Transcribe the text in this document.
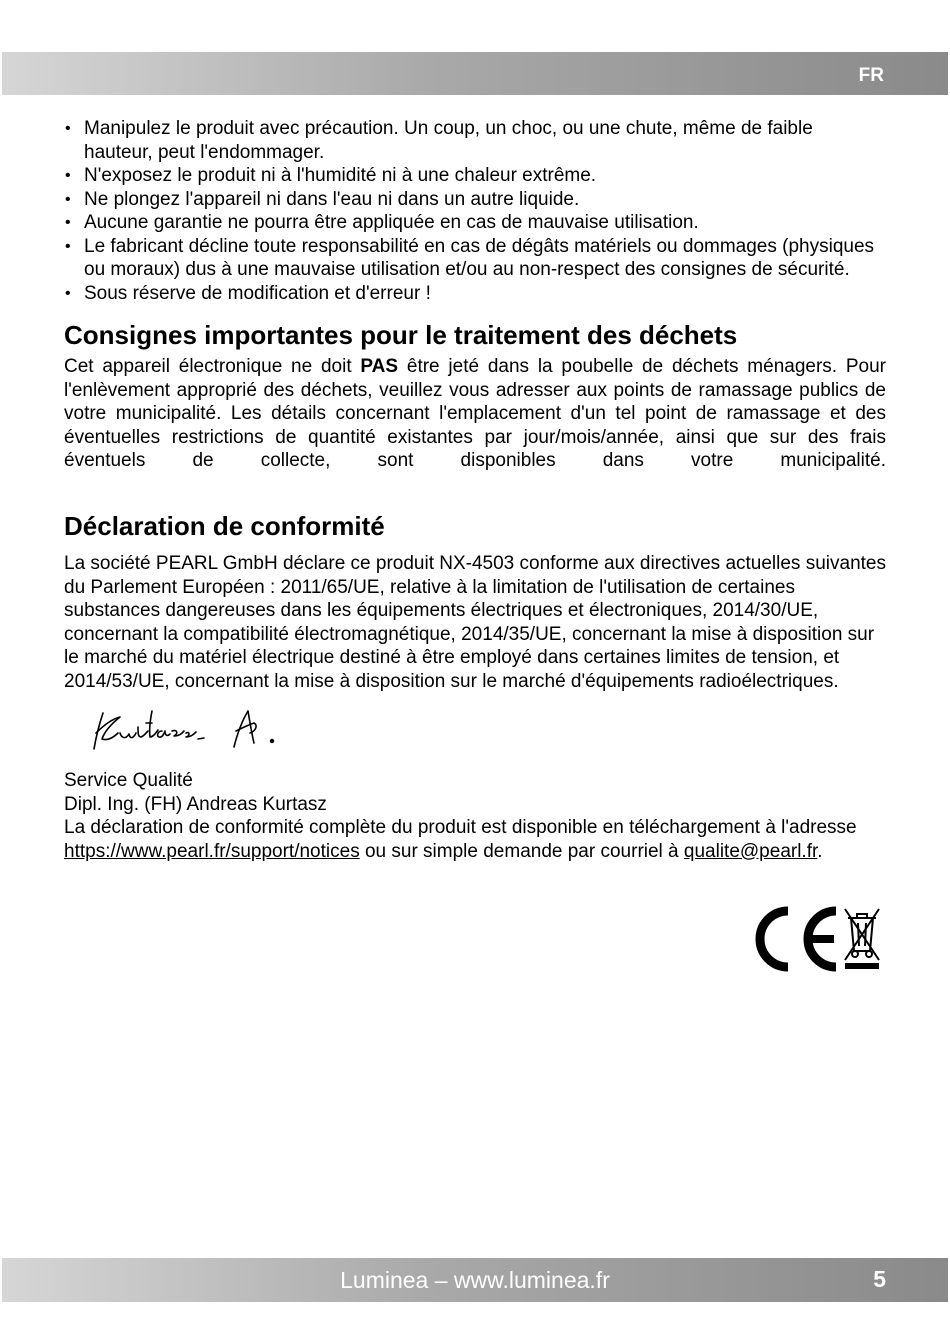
FR
• Manipulez le produit avec précaution. Un coup, un choc, ou une chute, même de faible hauteur, peut l'endommager.
• N'exposez le produit ni à l'humidité ni à une chaleur extrême.
• Ne plongez l'appareil ni dans l'eau ni dans un autre liquide.
• Aucune garantie ne pourra être appliquée en cas de mauvaise utilisation.
• Le fabricant décline toute responsabilité en cas de dégâts matériels ou dommages (physiques ou moraux) dus à une mauvaise utilisation et/ou au non-respect des consignes de sécurité.
• Sous réserve de modification et d'erreur !
Consignes importantes pour le traitement des déchets

Cet appareil électronique ne doit PAS être jeté dans la poubelle de déchets ménagers. Pour l'enlèvement approprié des déchets, veuillez vous adresser aux points de ramassage publics de votre municipalité. Les détails concernant l'emplacement d'un tel point de ramassage et des éventuelles restrictions de quantité existantes par jour/mois/année, ainsi que sur des frais éventuels de collecte, sont disponibles dans votre municipalité.

Déclaration de conformité

La société PEARL GmbH déclare ce produit NX-4503 conforme aux directives actuelles suivantes du Parlement Européen : 2011/65/UE, relative à la limitation de l'utilisation de certaines substances dangereuses dans les équipements électriques et électroniques, 2014/30/UE, concernant la compatibilité électromagnétique, 2014/35/UE, concernant la mise à disposition sur le marché du matériel électrique destiné à être employé dans certaines limites de tension, et 2014/53/UE, concernant la mise à disposition sur le marché d'équipements radioélectriques.

Service Qualité
Dipl. Ing. (FH) Andreas Kurtasz
La déclaration de conformité complète du produit est disponible en téléchargement à l'adresse https://www.pearl.fr/support/notices ou sur simple demande par courriel à qualite@pearl.fr.
Luminea – www.luminea.fr	5
